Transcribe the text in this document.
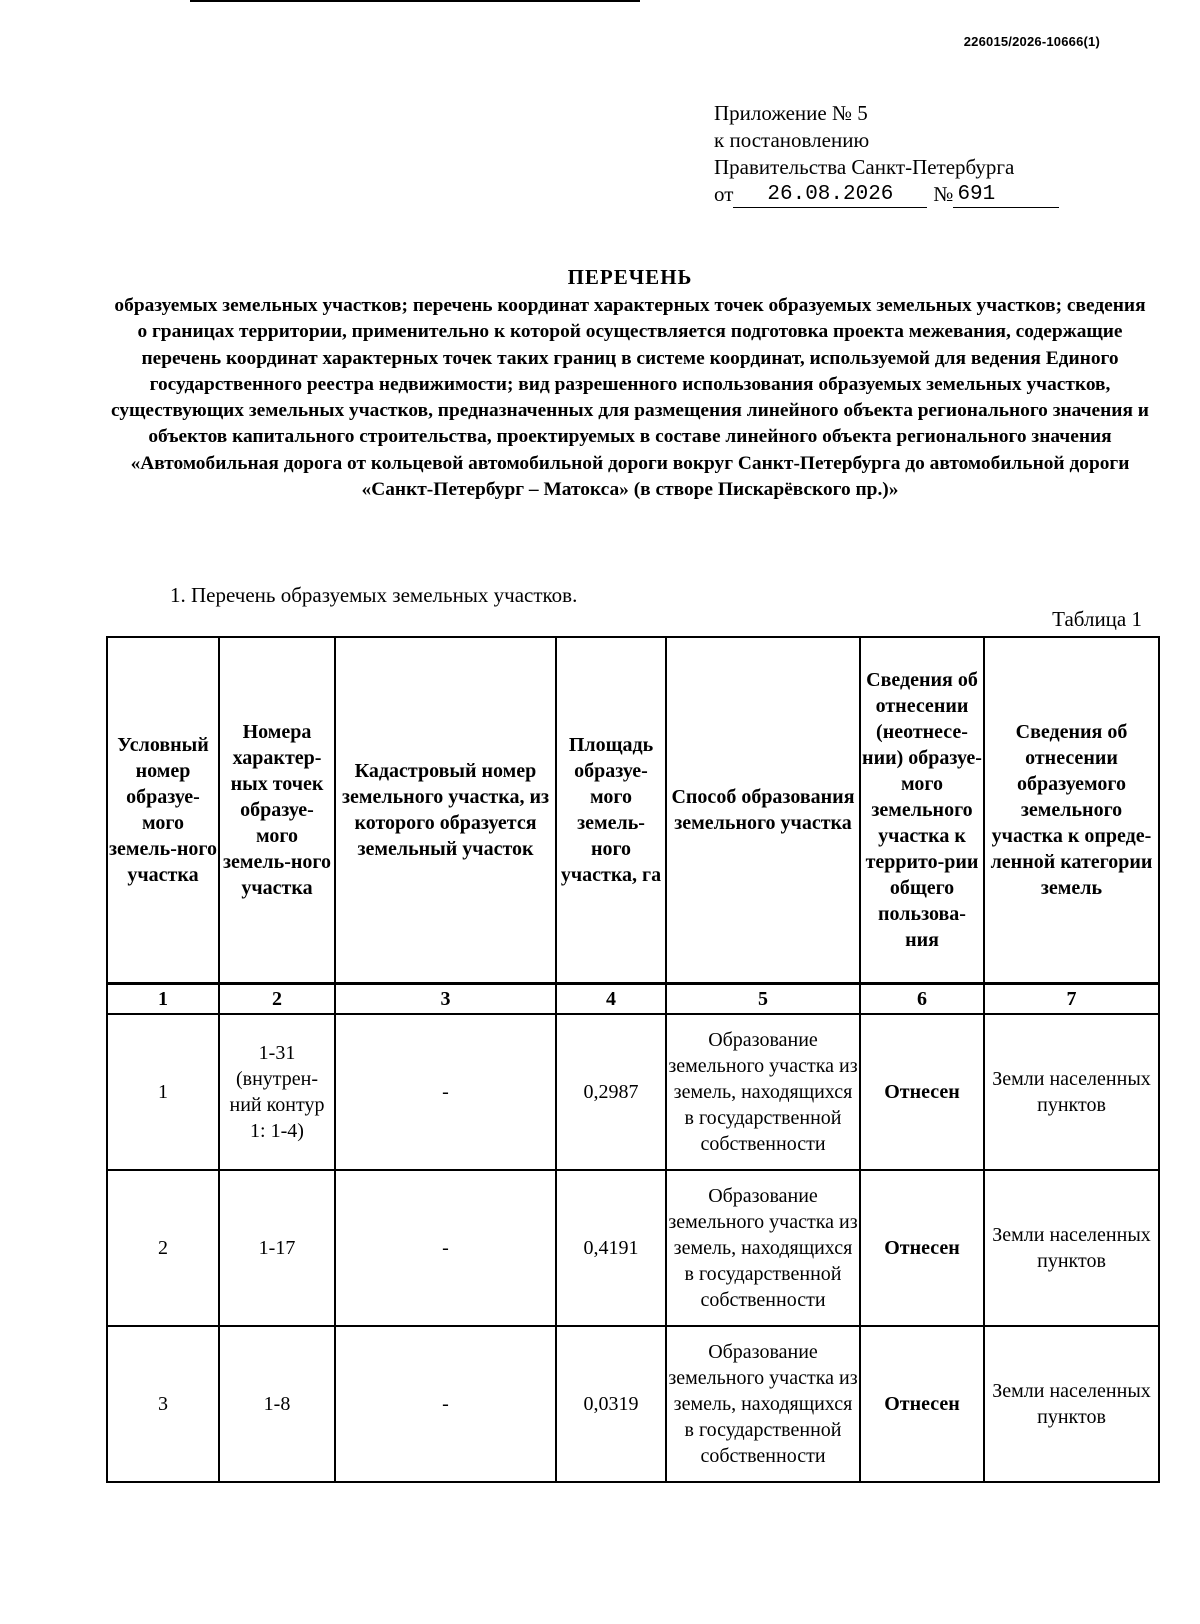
226015/2026-10666(1)
Приложение № 5
к постановлению
Правительства Санкт-Петербурга
от	26.08.2026	№ 691
ПЕРЕЧЕНЬ
образуемых земельных участков; перечень координат характерных точек образуемых земельных участков; сведения о границах территории, применительно к которой осуществляется подготовка проекта межевания, содержащие перечень координат характерных точек таких границ в системе координат, используемой для ведения Единого государственного реестра недвижимости; вид разрешенного использования образуемых земельных участков, существующих земельных участков, предназначенных для размещения линейного объекта регионального значения и объектов капитального строительства, проектируемых в составе линейного объекта регионального значения «Автомобильная дорога от кольцевой автомобильной дороги вокруг Санкт-Петербурга до автомобильной дороги «Санкт-Петербург – Матокса» (в створе Пискарёвского пр.)»
1. Перечень образуемых земельных участков.
Таблица 1
Условный номер образуе-мого земель-ного участка	Номера характер-ных точек образуе-мого земель-ного участка	Кадастровый номер земельного участка, из которого образуется земельный участок	Площадь образуе-мого земель-ного участка, га	Способ образования земельного участка	Сведения об отнесении (неотнесе-нии) образуе-мого земельного участка к террито-рии общего пользова-ния	Сведения об отнесении образуемого земельного участка к опреде-ленной категории земель
1	2	3	4	5	6	7
1	1-31 (внутрен-ний контур 1: 1-4)	-	0,2987	Образование земельного участка из земель, находящихся в государственной собственности	Отнесен	Земли населенных пунктов
2	1-17	-	0,4191	Образование земельного участка из земель, находящихся в государственной собственности	Отнесен	Земли населенных пунктов
3	1-8	-	0,0319	Образование земельного участка из земель, находящихся в государственной собственности	Отнесен	Земли населенных пунктов
